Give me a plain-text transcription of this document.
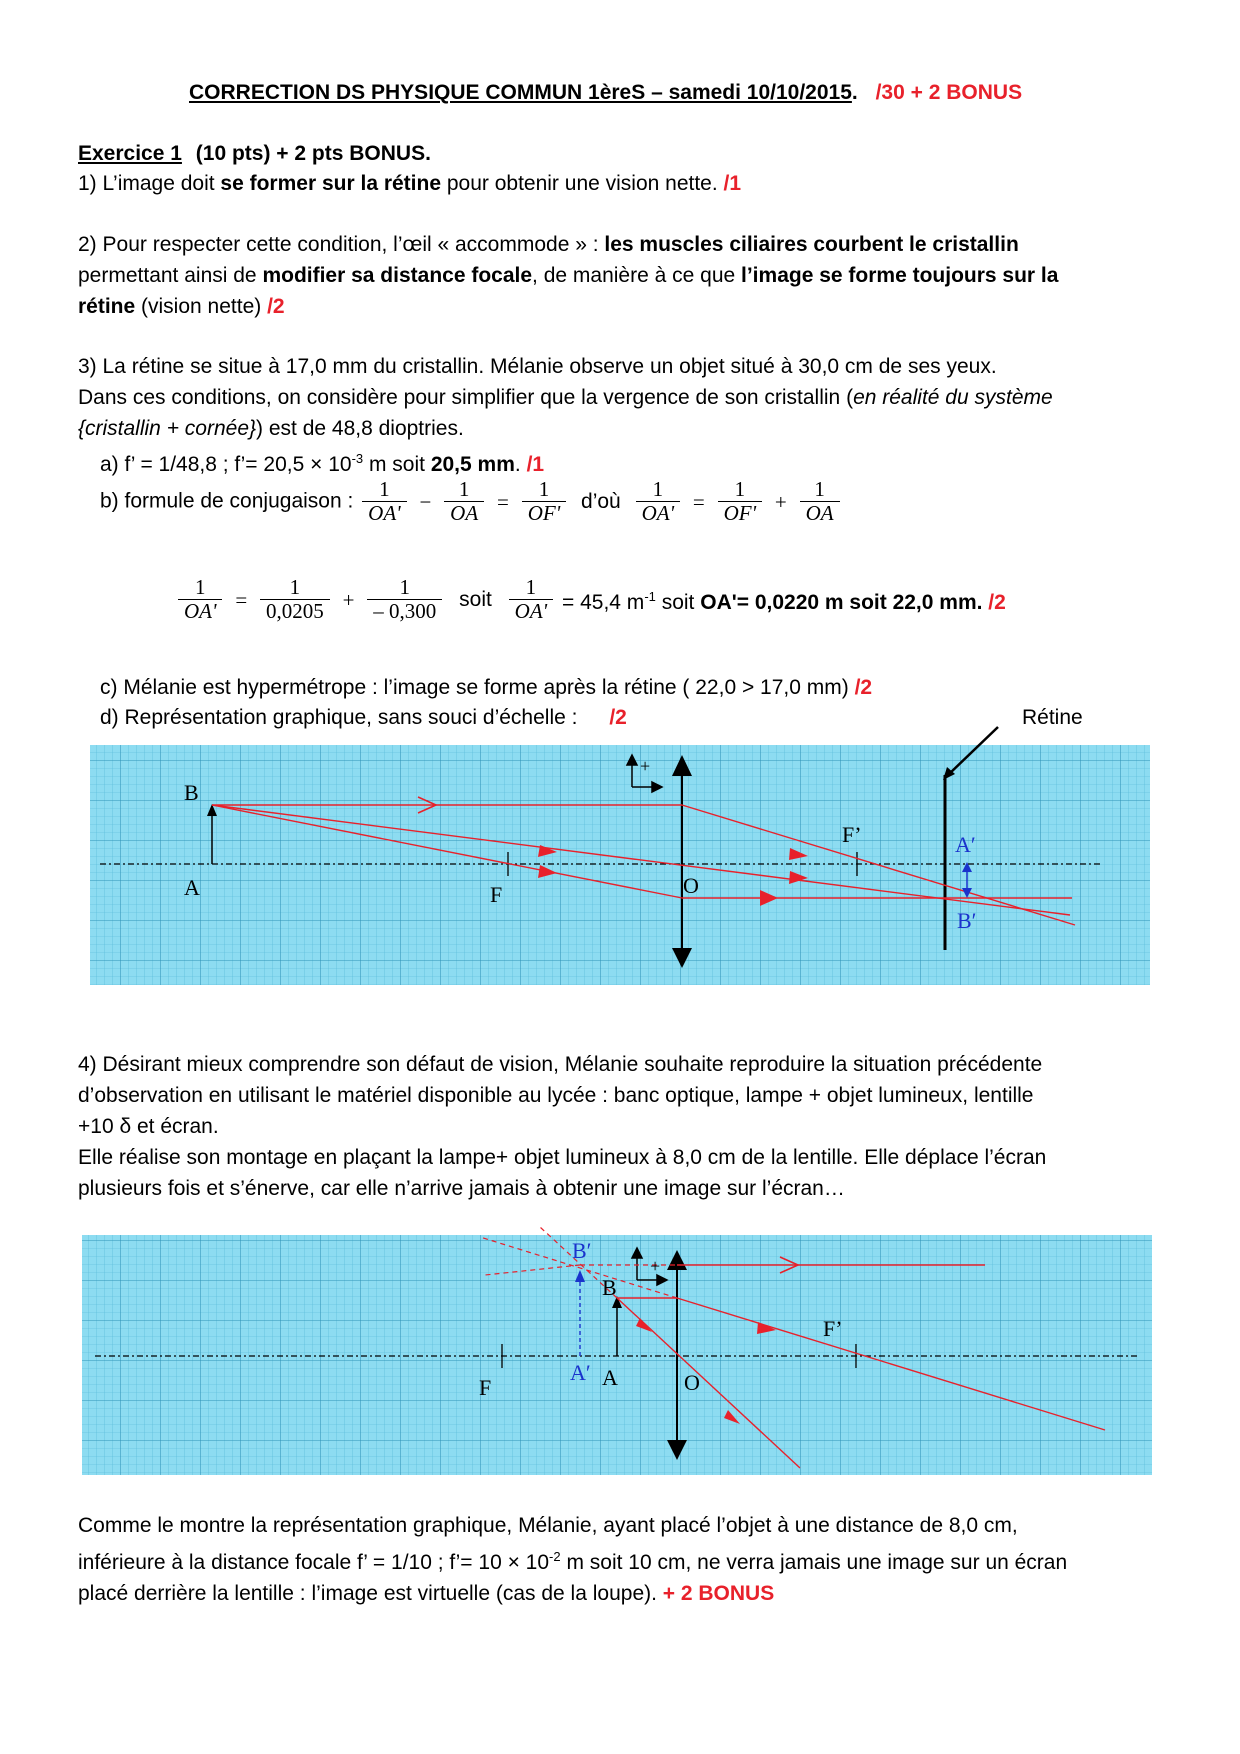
CORRECTION DS PHYSIQUE COMMUN 1èreS – samedi 10/10/2015. /30 + 2 BONUS
Exercice 1 (10 pts) + 2 pts BONUS.
1) L’image doit se former sur la rétine pour obtenir une vision nette. /1
2) Pour respecter cette condition, l’œil « accommode » : les muscles ciliaires courbent le cristallin
permettant ainsi de modifier sa distance focale, de manière à ce que l’image se forme toujours sur la
rétine (vision nette) /2
3) La rétine se situe à 17,0 mm du cristallin. Mélanie observe un objet situé à 30,0 cm de ses yeux.
Dans ces conditions, on considère pour simplifier que la vergence de son cristallin (en réalité du système
{cristallin + cornée}) est de 48,8 dioptries.
a) f’ = 1/48,8 ; f’= $20,5 \times 10^{-3}$ m soit 20,5 mm. /1
b) formule de conjugaison : $\frac{1}{OA'} - \frac{1}{OA} = \frac{1}{OF'}$ d’où $\frac{1}{OA'} = \frac{1}{OF'} + \frac{1}{OA}$
$\frac{1}{OA'} = \frac{1}{0,0205} + \frac{1}{- 0,300}$ soit $\frac{1}{OA'} = 45,4$ $m^{-1}$ soit OA'= 0,0220 m soit 22,0 mm. /2
c) Mélanie est hypermétrope : l’image se forme après la rétine ( 22,0 > 17,0 mm) /2
d) Représentation graphique, sans souci d’échelle : /2	Rétine
B
A	F
F’
O
A′
B′
+
4) Désirant mieux comprendre son défaut de vision, Mélanie souhaite reproduire la situation précédente
d’observation en utilisant le matériel disponible au lycée : banc optique, lampe + objet lumineux, lentille
+10 δ et écran.
Elle réalise son montage en plaçant la lampe+ objet lumineux à 8,0 cm de la lentille. Elle déplace l’écran
plusieurs fois et s’énerve, car elle n’arrive jamais à obtenir une image sur l’écran…
B′
B
F’
F
A′ A	O
+
Comme le montre la représentation graphique, Mélanie, ayant placé l’objet à une distance de 8,0 cm,
inférieure à la distance focale f’ = 1/10 ; f’= $10 \times 10^{-2}$ m soit 10 cm, ne verra jamais une image sur un écran
placé derrière la lentille : l’image est virtuelle (cas de la loupe). + 2 BONUS
